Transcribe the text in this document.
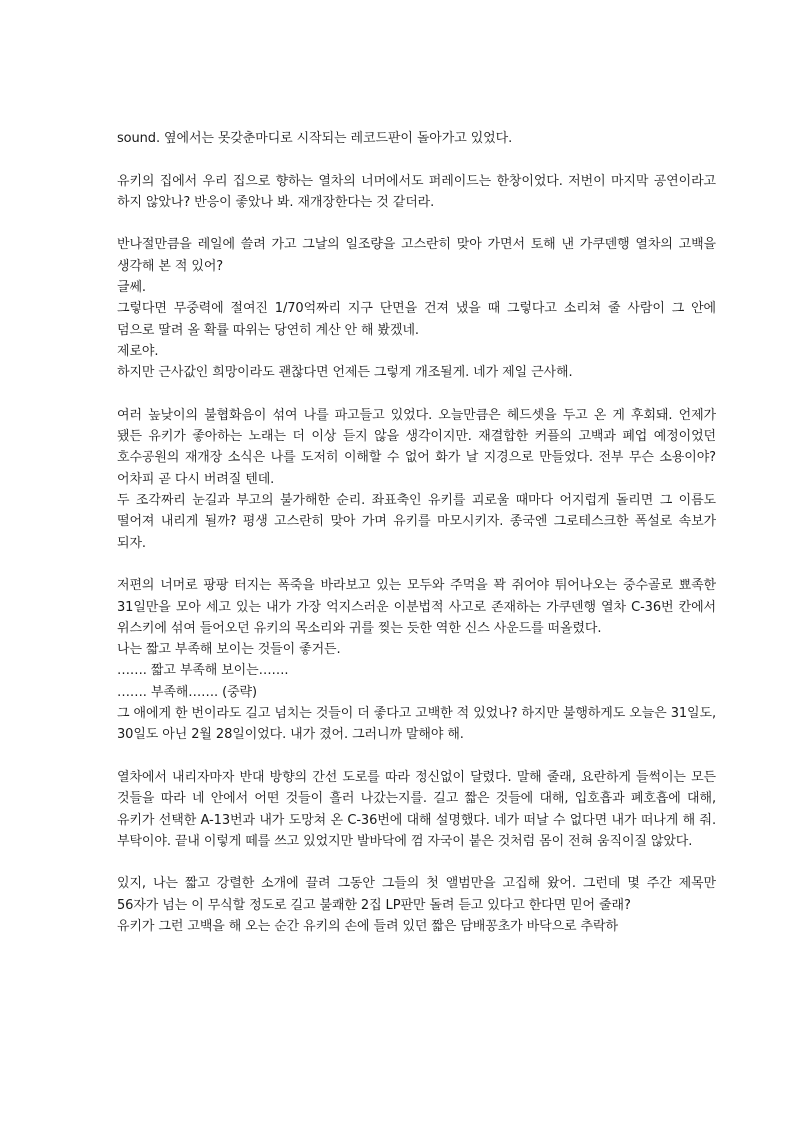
sound. 옆에서는 못갖춘마디로 시작되는 레코드판이 돌아가고 있었다.

유키의 집에서 우리 집으로 향하는 열차의 너머에서도 퍼레이드는 한창이었다. 저번이 마지막 공연이라고 하지 않았나? 반응이 좋았나 봐. 재개장한다는 것 같더라.

반나절만큼을 레일에 쓸려 가고 그날의 일조량을 고스란히 맞아 가면서 토해 낸 가쿠덴행 열차의 고백을 생각해 본 적 있어?

글쎄.

그렇다면 무중력에 절여진 1/70억짜리 지구 단면을 건져 냈을 때 그렇다고 소리쳐 줄 사람이 그 안에 덤으로 딸려 올 확률 따위는 당연히 계산 안 해 봤겠네.

제로야.

하지만 근사값인 희망이라도 괜찮다면 언제든 그렇게 개조될게. 네가 제일 근사해.

여러 높낮이의 불협화음이 섞여 나를 파고들고 있었다. 오늘만큼은 헤드셋을 두고 온 게 후회돼. 언제가 됐든 유키가 좋아하는 노래는 더 이상 듣지 않을 생각이지만. 재결합한 커플의 고백과 폐업 예정이었던 호수공원의 재개장 소식은 나를 도저히 이해할 수 없어 화가 날 지경으로 만들었다. 전부 무슨 소용이야? 어차피 곧 다시 버려질 텐데.

두 조각짜리 눈길과 부고의 불가해한 순리. 좌표축인 유키를 괴로울 때마다 어지럽게 돌리면 그 이름도 떨어져 내리게 될까? 평생 고스란히 맞아 가며 유키를 마모시키자. 종국엔 그로테스크한 폭설로 속보가 되자.

저편의 너머로 팡팡 터지는 폭죽을 바라보고 있는 모두와 주먹을 꽉 쥐어야 튀어나오는 중수골로 뾰족한 31일만을 모아 세고 있는 내가 가장 억지스러운 이분법적 사고로 존재하는 가쿠덴행 열차 C-36번 칸에서 위스키에 섞여 들어오던 유키의 목소리와 귀를 찢는 듯한 역한 신스 사운드를 떠올렸다.

나는 짧고 부족해 보이는 것들이 좋거든.

……. 짧고 부족해 보이는…….

……. 부족해……. (중략)

그 애에게 한 번이라도 길고 넘치는 것들이 더 좋다고 고백한 적 있었나? 하지만 불행하게도 오늘은 31일도, 30일도 아닌 2월 28일이었다. 내가 졌어. 그러니까 말해야 해.

열차에서 내리자마자 반대 방향의 간선 도로를 따라 정신없이 달렸다. 말해 줄래, 요란하게 들썩이는 모든 것들을 따라 네 안에서 어떤 것들이 흘러 나갔는지를. 길고 짧은 것들에 대해, 입호흡과 폐호흡에 대해, 유키가 선택한 A-13번과 내가 도망쳐 온 C-36번에 대해 설명했다. 네가 떠날 수 없다면 내가 떠나게 해 줘. 부탁이야. 끝내 이렇게 떼를 쓰고 있었지만 발바닥에 껌 자국이 붙은 것처럼 몸이 전혀 움직이질 않았다.

있지, 나는 짧고 강렬한 소개에 끌려 그동안 그들의 첫 앨범만을 고집해 왔어. 그런데 몇 주간 제목만 56자가 넘는 이 무식할 정도로 길고 불쾌한 2집 LP판만 돌려 듣고 있다고 한다면 믿어 줄래?

유키가 그런 고백을 해 오는 순간 유키의 손에 들려 있던 짧은 담배꽁초가 바닥으로 추락하
